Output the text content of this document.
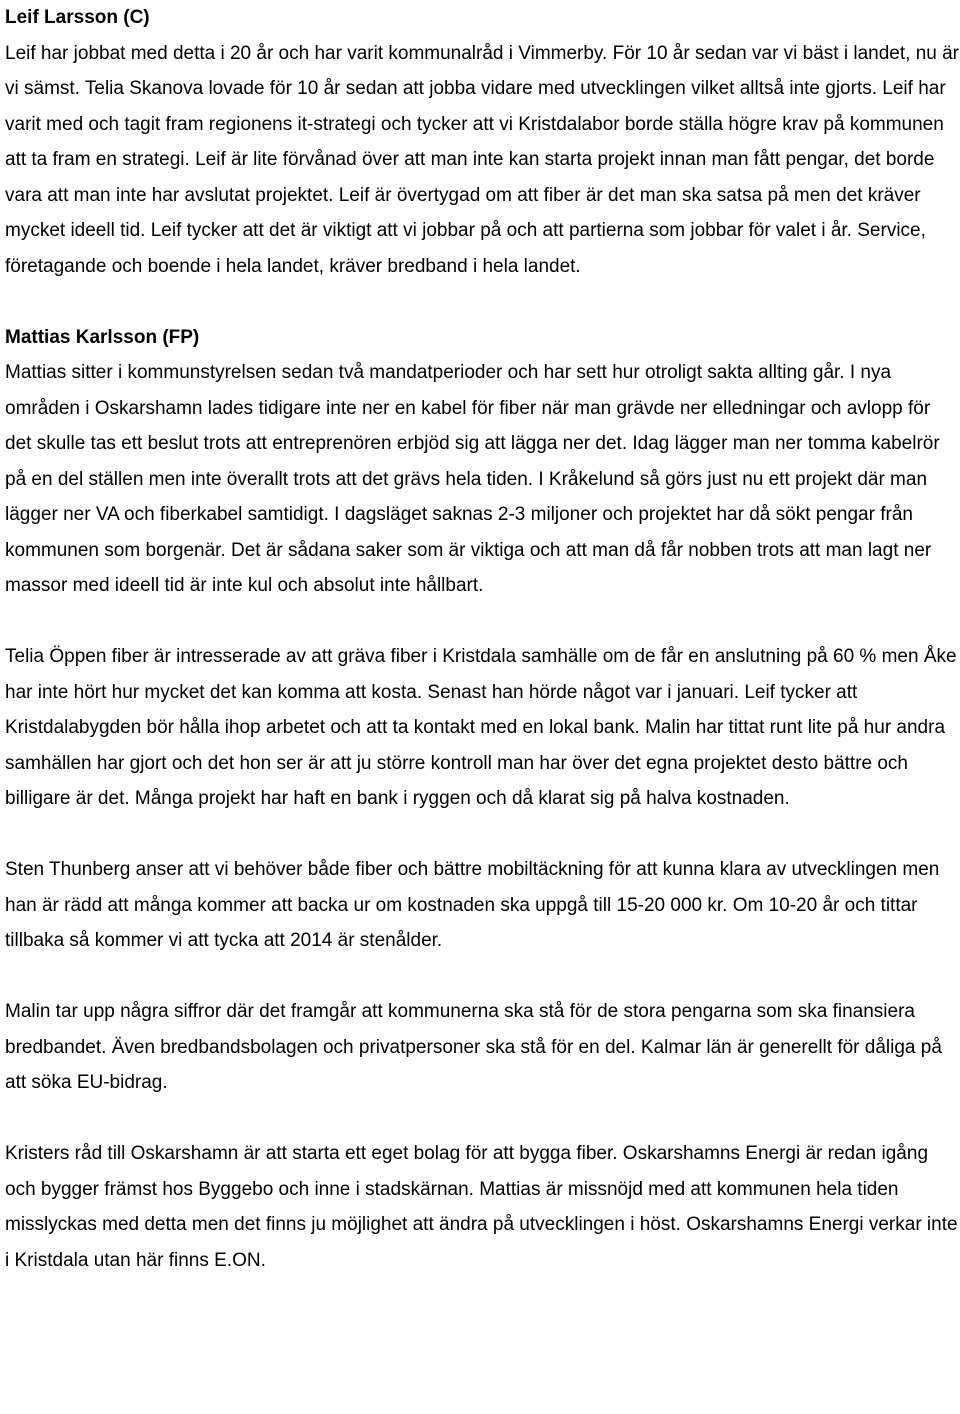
Leif Larsson (C)
Leif har jobbat med detta i 20 år och har varit kommunalråd i Vimmerby. För 10 år sedan var vi bäst i landet, nu är vi sämst. Telia Skanova lovade för 10 år sedan att jobba vidare med utvecklingen vilket alltså inte gjorts. Leif har varit med och tagit fram regionens it-strategi och tycker att vi Kristdalabor borde ställa högre krav på kommunen att ta fram en strategi. Leif är lite förvånad över att man inte kan starta projekt innan man fått pengar, det borde vara att man inte har avslutat projektet. Leif är övertygad om att fiber är det man ska satsa på men det kräver mycket ideell tid. Leif tycker att det är viktigt att vi jobbar på och att partierna som jobbar för valet i år. Service, företagande och boende i hela landet, kräver bredband i hela landet.
Mattias Karlsson (FP)
Mattias sitter i kommunstyrelsen sedan två mandatperioder och har sett hur otroligt sakta allting går. I nya områden i Oskarshamn lades tidigare inte ner en kabel för fiber när man grävde ner elledningar och avlopp för det skulle tas ett beslut trots att entreprenören erbjöd sig att lägga ner det. Idag lägger man ner tomma kabelrör på en del ställen men inte överallt trots att det grävs hela tiden. I Kråkelund så görs just nu ett projekt där man lägger ner VA och fiberkabel samtidigt. I dagsläget saknas 2-3 miljoner och projektet har då sökt pengar från kommunen som borgenär. Det är sådana saker som är viktiga och att man då får nobben trots att man lagt ner massor med ideell tid är inte kul och absolut inte hållbart.
Telia Öppen fiber är intresserade av att gräva fiber i Kristdala samhälle om de får en anslutning på 60 % men Åke har inte hört hur mycket det kan komma att kosta. Senast han hörde något var i januari. Leif tycker att Kristdalabygden bör hålla ihop arbetet och att ta kontakt med en lokal bank. Malin har tittat runt lite på hur andra samhällen har gjort och det hon ser är att ju större kontroll man har över det egna projektet desto bättre och billigare är det. Många projekt har haft en bank i ryggen och då klarat sig på halva kostnaden.
Sten Thunberg anser att vi behöver både fiber och bättre mobiltäckning för att kunna klara av utvecklingen men han är rädd att många kommer att backa ur om kostnaden ska uppgå till 15-20 000 kr. Om 10-20 år och tittar tillbaka så kommer vi att tycka att 2014 är stenålder.
Malin tar upp några siffror där det framgår att kommunerna ska stå för de stora pengarna som ska finansiera bredbandet. Även bredbandsbolagen och privatpersoner ska stå för en del. Kalmar län är generellt för dåliga på att söka EU-bidrag.
Kristers råd till Oskarshamn är att starta ett eget bolag för att bygga fiber. Oskarshamns Energi är redan igång och bygger främst hos Byggebo och inne i stadskärnan. Mattias är missnöjd med att kommunen hela tiden misslyckas med detta men det finns ju möjlighet att ändra på utvecklingen i höst. Oskarshamns Energi verkar inte i Kristdala utan här finns E.ON.
